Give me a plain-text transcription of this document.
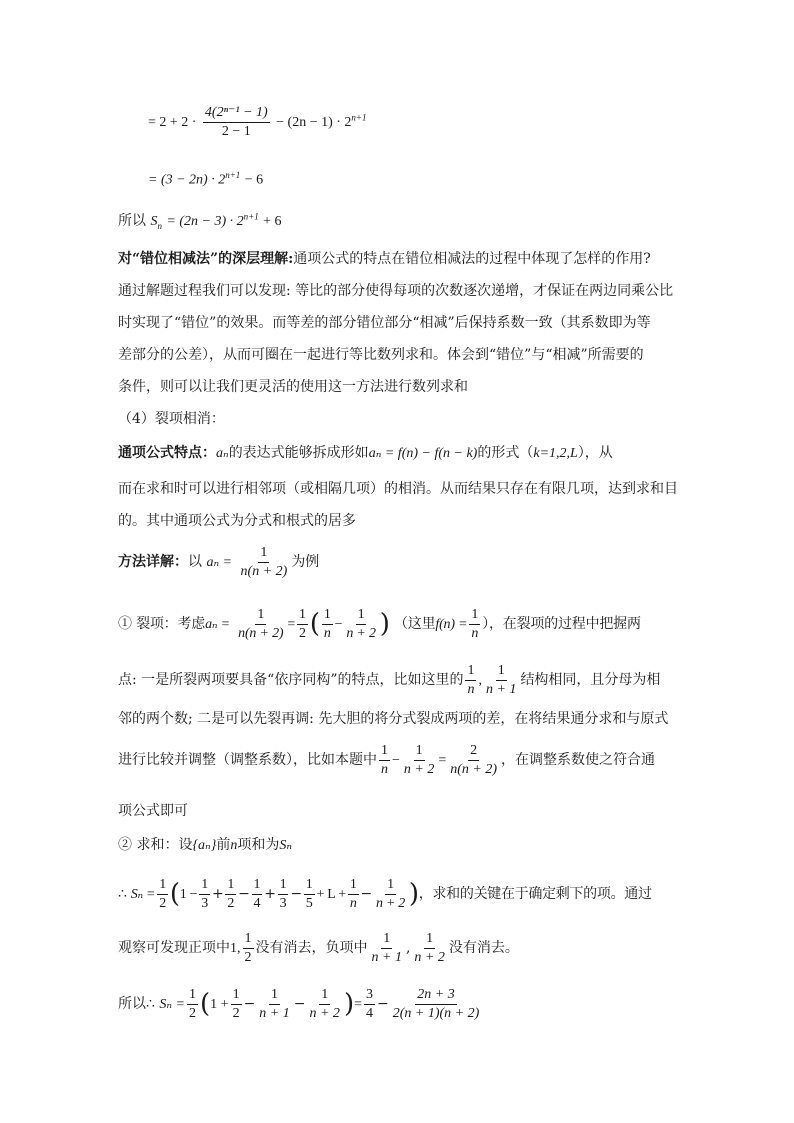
= $2 + 2 \cdot \frac{\text{4(2ⁿ⁻¹ − 1)}}{2 - 1} - (2n - 1) \cdot 2^{n+1}$
= $(3 - 2n) \cdot 2^{n+1} - 6$
所以 $S_n = (2n - 3) \cdot 2^{n+1} + 6$
对“错位相减法”的深层理解:通项公式的特点在错位相减法的过程中体现了怎样的作用?
通过解题过程我们可以发现: 等比的部分使得每项的次数逐次递增，才保证在两边同乘公比
时实现了“错位”的效果。而等差的部分错位部分“相减”后保持系数一致（其系数即为等
差部分的公差），从而可圈在一起进行等比数列求和。体会到“错位”与“相减”所需要的
条件，则可以让我们更灵活的使用这一方法进行数列求和
（4）裂项相消：
通项公式特点：aₙ的表达式能够拆成形如aₙ = f(n) − f(n − k)的形式（k=1,2,L），从
而在求和时可以进行相邻项（或相隔几项）的相消。从而结果只存在有限几项，达到求和目
的。其中通项公式为分式和根式的居多
方法详解：以 $a_n = \frac{1}{n(n + 2)}$ 为例
① 裂项：考虑$a_n = \frac{1}{n(n + 2)} = \frac{1}{2}$ ( $\frac{1}{n} - \frac{1}{n + 2}$ ) （这里$f(n) = \frac{1}{n}$ ），在裂项的过程中把握两
点: 一是所裂两项要具备“依序同构”的特点，比如这里的 $\frac{1}{n}$ , $\frac{1}{n + 1}$ 结构相同，且分母为相
邻的两个数; 二是可以先裂再调: 先大胆的将分式裂成两项的差，在将结果通分求和与原式
进行比较并调整（调整系数），比如本题中 $\frac{1}{n} - \frac{1}{n + 2} = \frac{2}{n(n + 2)}$ ，在调整系数使之符合通
项公式即可
② 求和：设{aₙ}前n项和为Sₙ
∴ $S_n = \frac{1}{2} (1 - \frac{1}{3} + \frac{1}{2} - \frac{1}{4} + \frac{1}{3} - \frac{1}{5} + L + \frac{1}{n} - \frac{1}{n + 2}$ )，求和的关键在于确定剩下的项。通过
观察可发现正项中1, $\frac{1}{2}$ 没有消去，负项中 $\frac{1}{n + 1}$ , $\frac{1}{n + 2}$ 没有消去。
所以∴ $S_n = \frac{1}{2} (1 + \frac{1}{2} - \frac{1}{n + 1} - \frac{1}{n + 2}$ )= $\frac{3}{4} - \frac{2n + 3}{2(n + 1)(n + 2)}$
